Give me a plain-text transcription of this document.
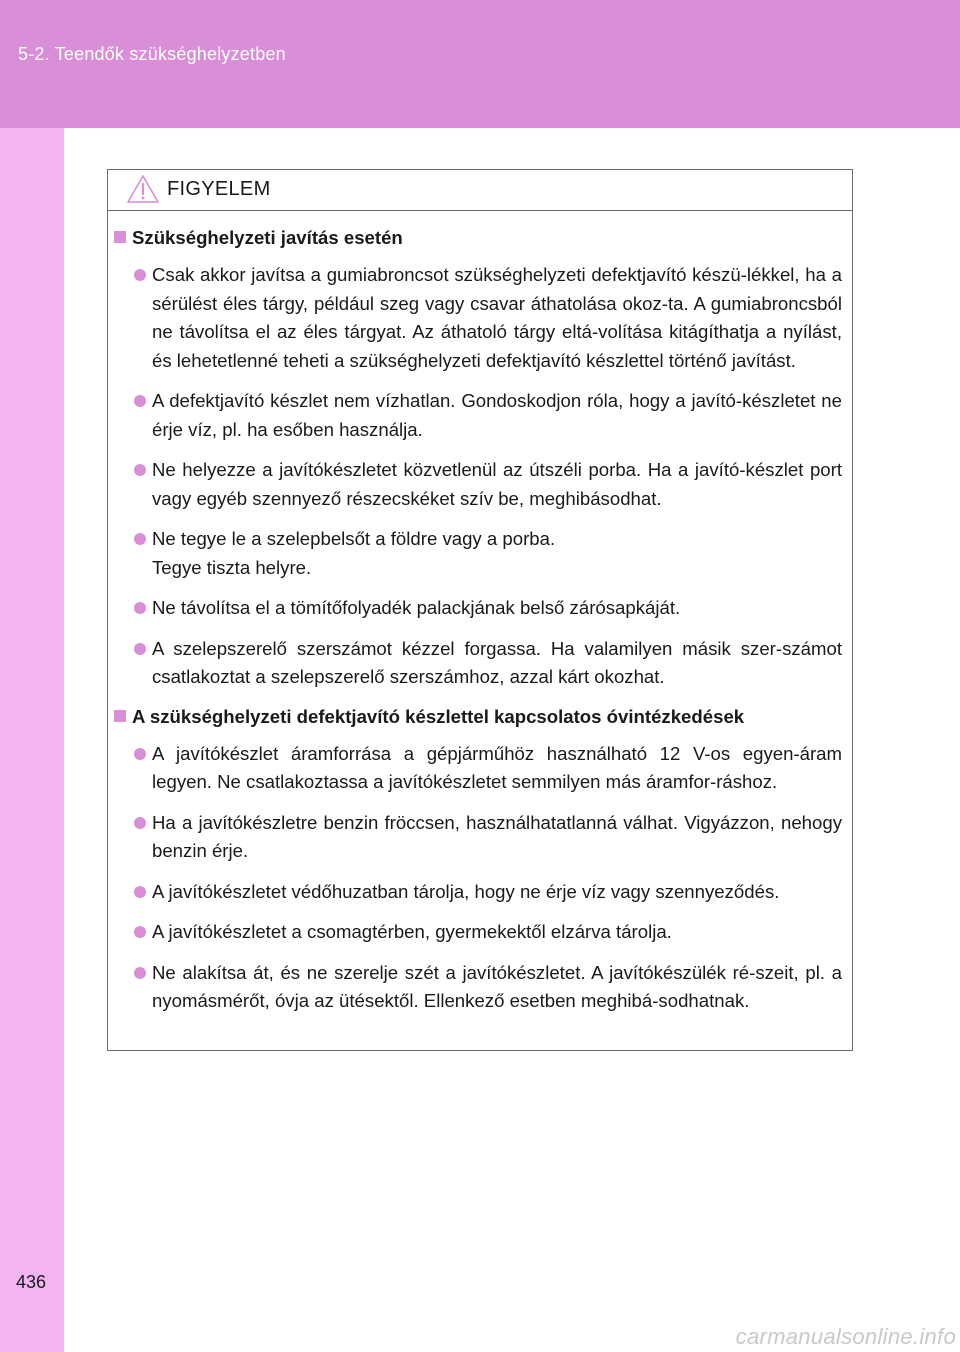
5-2. Teendők szükséghelyzetben
FIGYELEM
Szükséghelyzeti javítás esetén
Csak akkor javítsa a gumiabroncsot szükséghelyzeti defektjavító készü-lékkel, ha a sérülést éles tárgy, például szeg vagy csavar áthatolása okoz-ta. A gumiabroncsból ne távolítsa el az éles tárgyat. Az áthatoló tárgy eltá-volítása kitágíthatja a nyílást, és lehetetlenné teheti a szükséghelyzeti defektjavító készlettel történő javítást.
A defektjavító készlet nem vízhatlan. Gondoskodjon róla, hogy a javító-készletet ne érje víz, pl. ha esőben használja.
Ne helyezze a javítókészletet közvetlenül az útszéli porba. Ha a javító-készlet port vagy egyéb szennyező részecskéket szív be, meghibásodhat.
Ne tegye le a szelepbelsőt a földre vagy a porba.
Tegye tiszta helyre.
Ne távolítsa el a tömítőfolyadék palackjának belső zárósapkáját.
A szelepszerelő szerszámot kézzel forgassa. Ha valamilyen másik szer-számot csatlakoztat a szelepszerelő szerszámhoz, azzal kárt okozhat.
A szükséghelyzeti defektjavító készlettel kapcsolatos óvintézkedések
A javítókészlet áramforrása a gépjárműhöz használható 12 V-os egyen-áram legyen. Ne csatlakoztassa a javítókészletet semmilyen más áramfor-ráshoz.
Ha a javítókészletre benzin fröccsen, használhatatlanná válhat. Vigyázzon, nehogy benzin érje.
A javítókészletet védőhuzatban tárolja, hogy ne érje víz vagy szennyeződés.
A javítókészletet a csomagtérben, gyermekektől elzárva tárolja.
Ne alakítsa át, és ne szerelje szét a javítókészletet. A javítókészülék ré-szeit, pl. a nyomásmérőt, óvja az ütésektől. Ellenkező esetben meghibá-sodhatnak.
436
carmanualsonline.info
